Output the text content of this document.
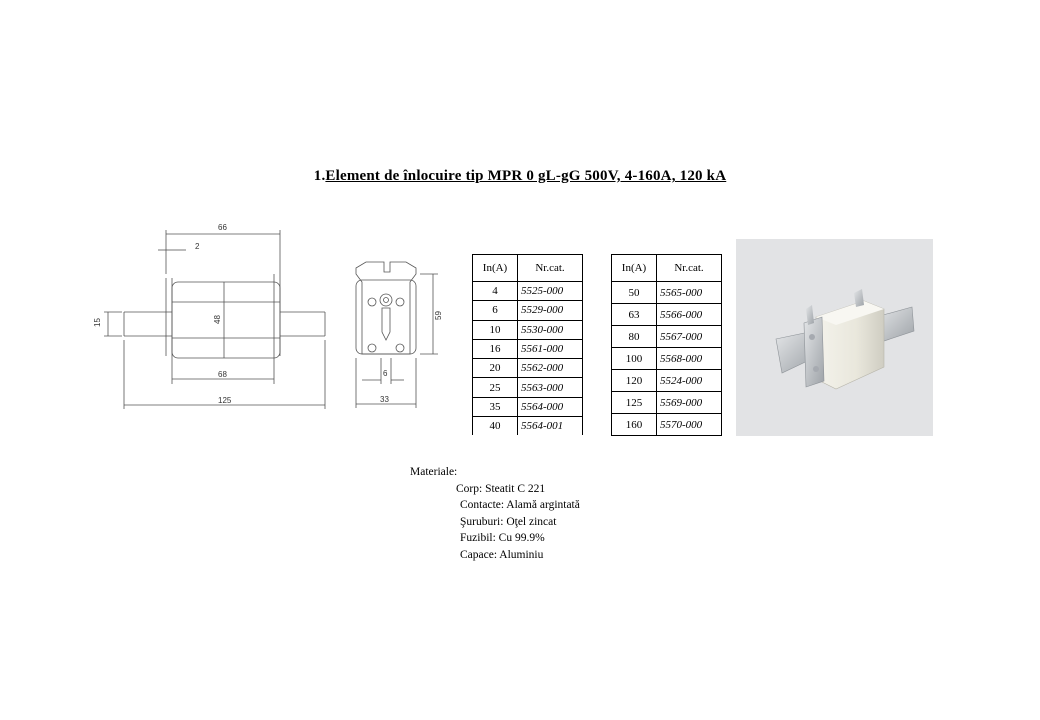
1.Element de înlocuire tip MPR 0 gL-gG 500V, 4-160A, 120 kA
66
2
15	48
68
125
59
6
33
In(A)	Nr.cat.
4	5525-000
6	5529-000
10	5530-000
16	5561-000
20	5562-000
25	5563-000
35	5564-000
40	5564-001
In(A)	Nr.cat.
50	5565-000
63	5566-000
80	5567-000
100	5568-000
120	5524-000
125	5569-000
160	5570-000
Materiale:
Corp: Steatit C 221
Contacte: Alamă argintată
Şuruburi: Oţel zincat
Fuzibil: Cu 99.9%
Capace: Aluminiu
